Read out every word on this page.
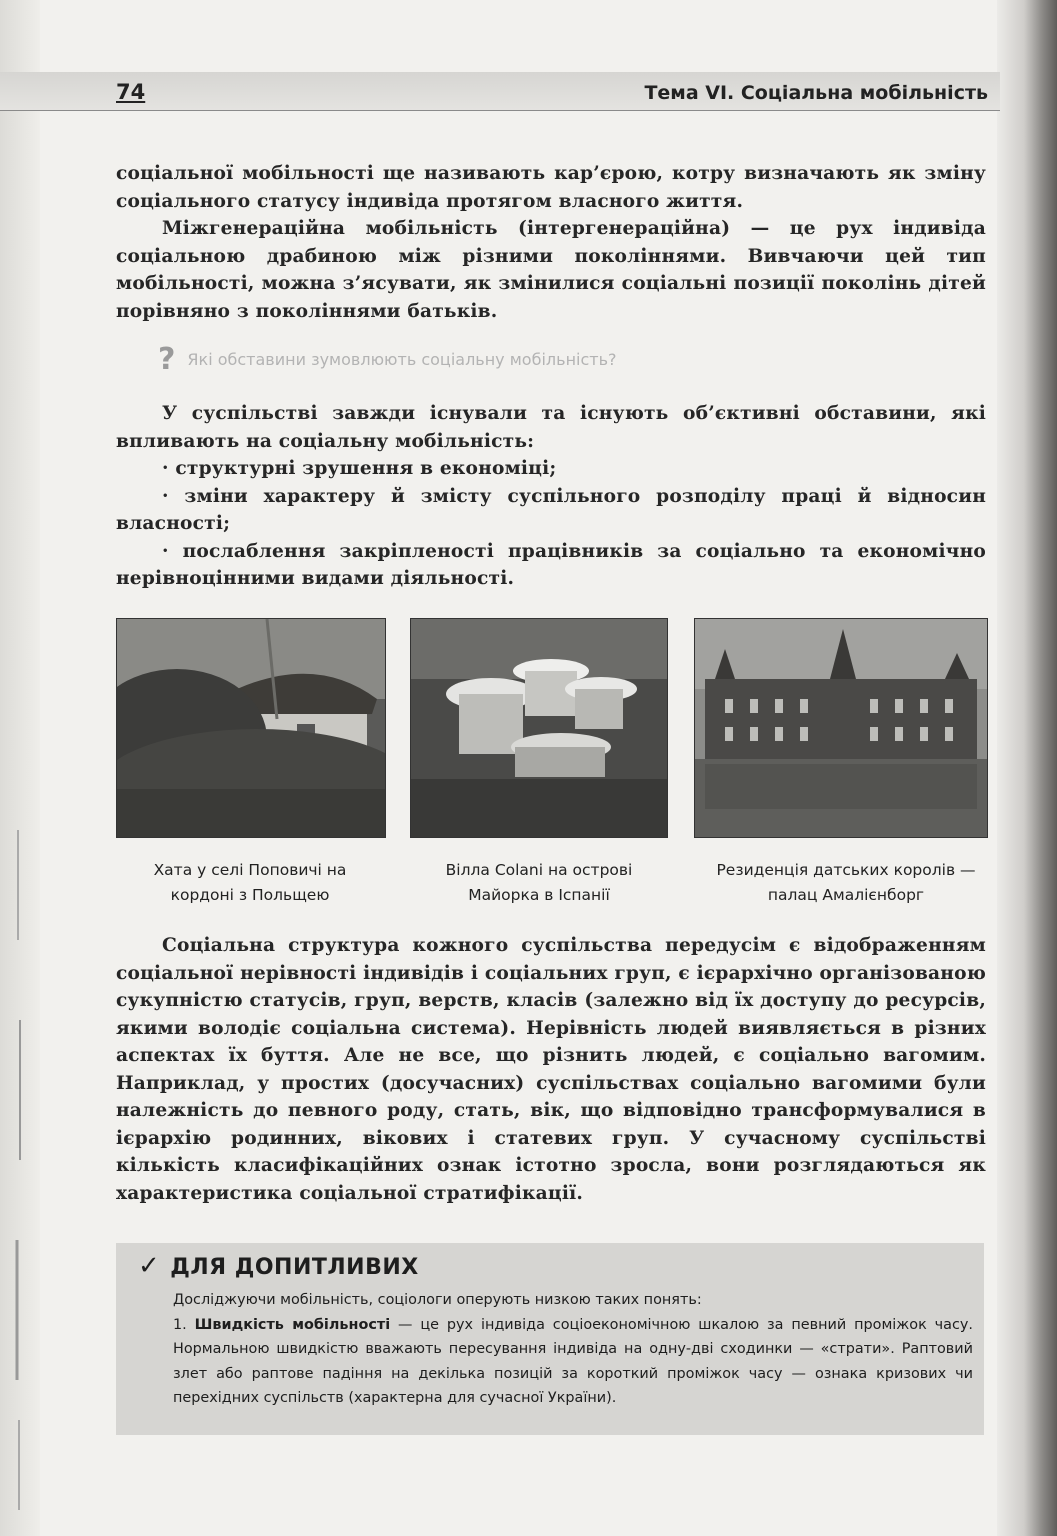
74	Тема VI. Соціальна мобільність

соціальної мобільності ще називають кар’єрою, котру визначають як зміну соціального статусу індивіда протягом власного життя.

Міжгенераційна мобільність (інтергенераційна) — це рух індивіда соціальною драбиною між різними поколіннями. Вивчаючи цей тип мобільності, можна з’ясувати, як змінилися соціальні позиції поколінь дітей порівняно з поколіннями батьків.

? Які обставини зумовлюють соціальну мобільність?

У суспільстві завжди існували та існують об’єктивні обставини, які впливають на соціальну мобільність:

· структурні зрушення в економіці;

· зміни характеру й змісту суспільного розподілу праці й відносин власності;

· послаблення закріпленості працівників за соціально та економічно нерівноцінними видами діяльності.

Хата у селі Поповичі на
кордоні з Польщею
Вілла Colani на острові
Майорка в Іспанії
Резиденція датських королів —
палац Амалієнборг

Соціальна структура кожного суспільства передусім є відображенням соціальної нерівності індивідів і соціальних груп, є ієрархічно організованою сукупністю статусів, груп, верств, класів (залежно від їх доступу до ресурсів, якими володіє соціальна система). Нерівність людей виявляється в різних аспектах їх буття. Але не все, що різнить людей, є соціально вагомим. Наприклад, у простих (досучасних) суспільствах соціально вагомими були належність до певного роду, стать, вік, що відповідно трансформувалися в ієрархію родинних, вікових і статевих груп. У сучасному суспільстві кількість класифікаційних ознак істотно зросла, вони розглядаються як характеристика соціальної стратифікації.

✓ ДЛЯ ДОПИТЛИВИХ

Досліджуючи мобільність, соціологи оперують низкою таких понять:

1. Швидкість мобільності — це рух індивіда соціоекономічною шкалою за певний проміжок часу. Нормальною швидкістю вважають пересування індивіда на одну-дві сходинки — «страти». Раптовий злет або раптове падіння на декілька позицій за короткий проміжок часу — ознака кризових чи перехідних суспільств (характерна для сучасної України).
